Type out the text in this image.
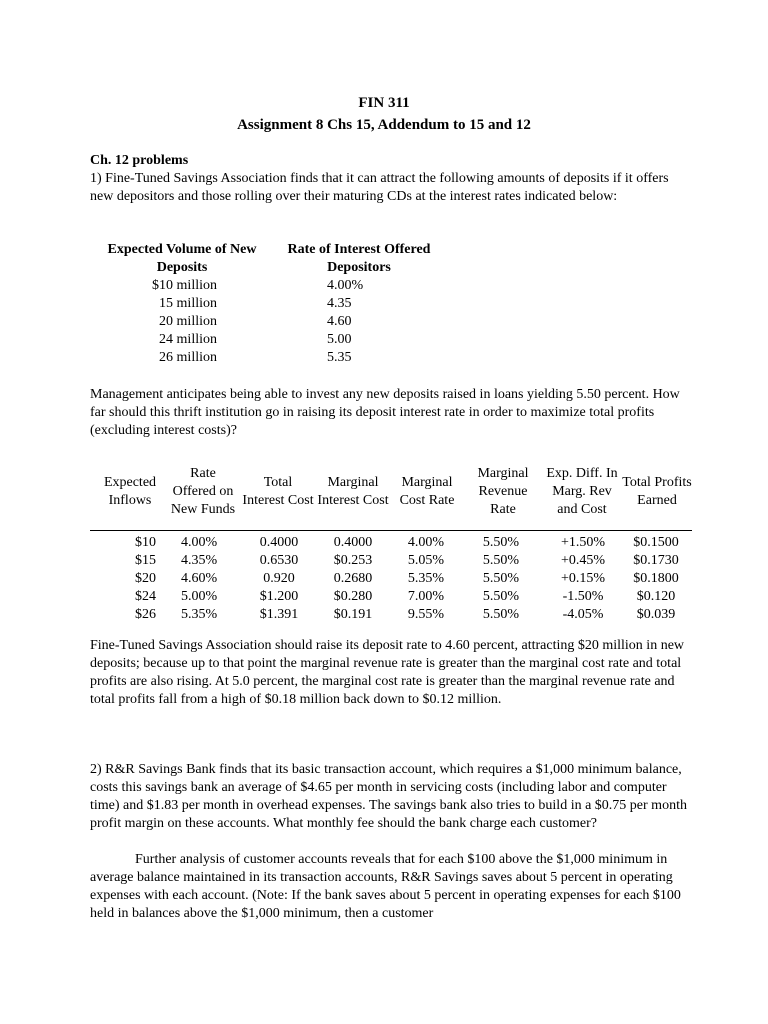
FIN 311
Assignment 8 Chs 15, Addendum to 15 and 12
Ch. 12 problems
1) Fine-Tuned Savings Association finds that it can attract the following amounts of deposits if it offers new depositors and those rolling over their maturing CDs at the interest rates indicated below:
Expected Volume of New Deposits
Rate of Interest Offered Depositors
$10 million	4.00%
15 million	4.35
20 million	4.60
24 million	5.00
26 million	5.35
Management anticipates being able to invest any new deposits raised in loans yielding 5.50 percent. How far should this thrift institution go in raising its deposit interest rate in order to maximize total profits (excluding interest costs)?
Expected Inflows
Rate Offered on New Funds
Total Interest Cost
Marginal Interest Cost
Marginal Cost Rate
Marginal Revenue Rate
Exp. Diff. In Marg. Rev and Cost
Total Profits Earned
$10 4.00%	0.4000	0.4000	4.00%	5.50%	+1.50%	$0.1500
$15 4.35%	0.6530	$0.253	5.05%	5.50%	+0.45%	$0.1730
$20 4.60%	0.920	0.2680	5.35%	5.50%	+0.15%	$0.1800
$24 5.00%	$1.200	$0.280	7.00%	5.50%	-1.50%	$0.120
$26 5.35%	$1.391	$0.191	9.55%	5.50%	-4.05%	$0.039
Fine-Tuned Savings Association should raise its deposit rate to 4.60 percent, attracting $20 million in new deposits; because up to that point the marginal revenue rate is greater than the marginal cost rate and total profits are also rising. At 5.0 percent, the marginal cost rate is greater than the marginal revenue rate and total profits fall from a high of $0.18 million back down to $0.12 million.
2) R&R Savings Bank finds that its basic transaction account, which requires a $1,000 minimum balance, costs this savings bank an average of $4.65 per month in servicing costs (including labor and computer time) and $1.83 per month in overhead expenses. The savings bank also tries to build in a $0.75 per month profit margin on these accounts. What monthly fee should the bank charge each customer?
Further analysis of customer accounts reveals that for each $100 above the $1,000 minimum in average balance maintained in its transaction accounts, R&R Savings saves about 5 percent in operating expenses with each account. (Note: If the bank saves about 5 percent in operating expenses for each $100 held in balances above the $1,000 minimum, then a customer
